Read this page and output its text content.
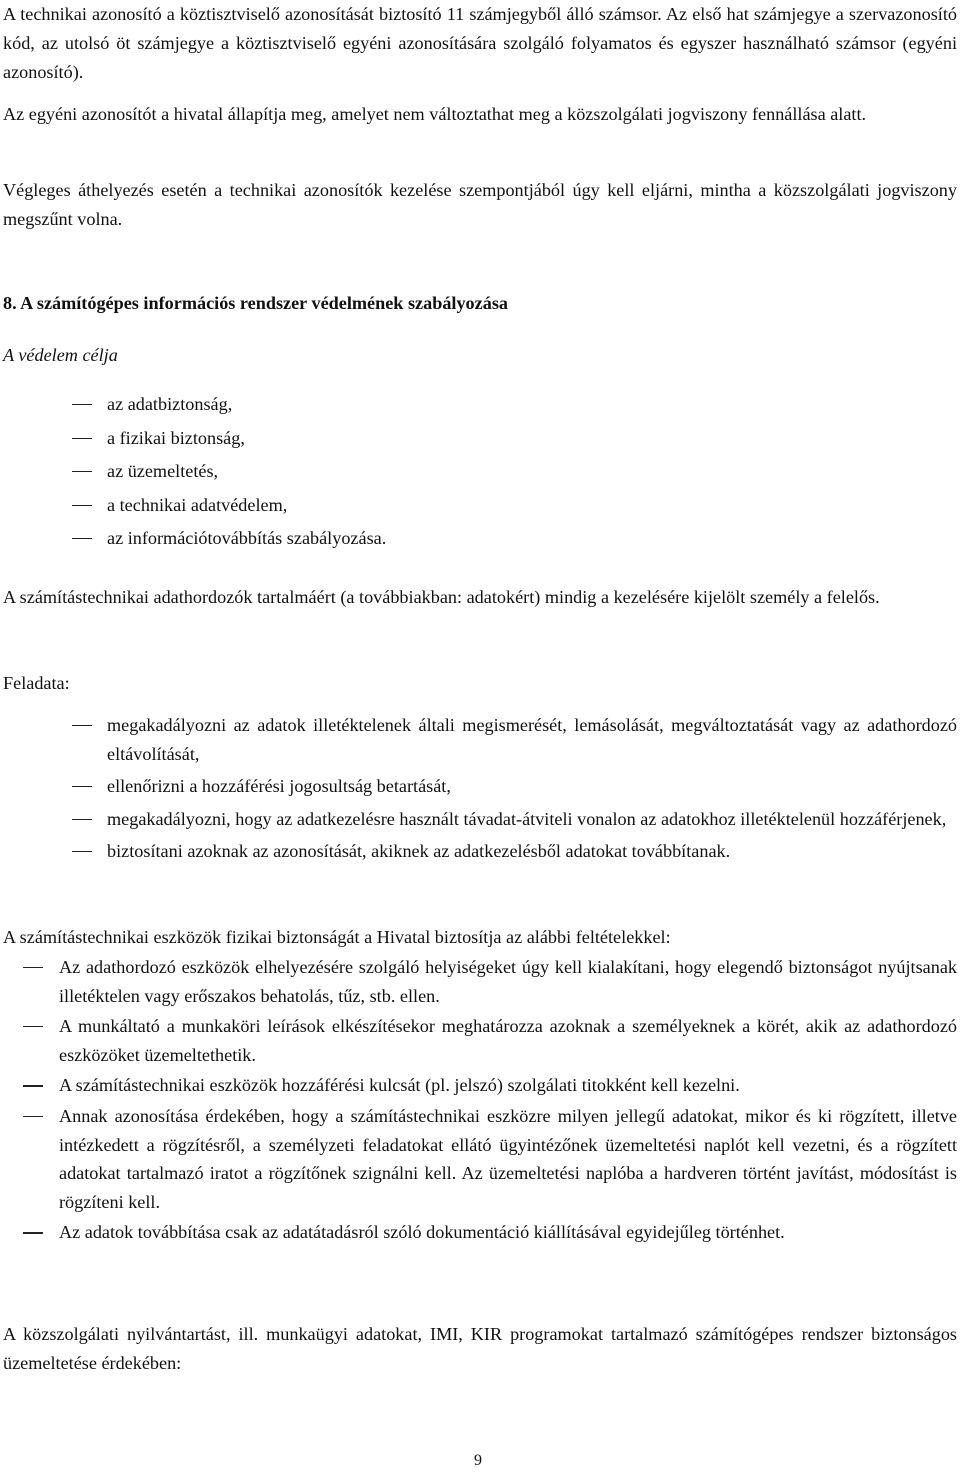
A technikai azonosító a köztisztviselő azonosítását biztosító 11 számjegyből álló számsor. Az első hat számjegye a szervazonosító kód, az utolsó öt számjegye a köztisztviselő egyéni azonosítására szolgáló folyamatos és egyszer használható számsor (egyéni azonosító).

Az egyéni azonosítót a hivatal állapítja meg, amelyet nem változtathat meg a közszolgálati jogviszony fennállása alatt.

Végleges áthelyezés esetén a technikai azonosítók kezelése szempontjából úgy kell eljárni, mintha a közszolgálati jogviszony megszűnt volna.

8. A számítógépes információs rendszer védelmének szabályozása
A védelem célja
az adatbiztonság,
a fizikai biztonság,
az üzemeltetés,
a technikai adatvédelem,
az információtovábbítás szabályozása.

A számítástechnikai adathordozók tartalmáért (a továbbiakban: adatokért) mindig a kezelésére kijelölt személy a felelős.

Feladata:
megakadályozni az adatok illetéktelenek általi megismerését, lemásolását, megváltoztatását vagy az adathordozó eltávolítását,
ellenőrizni a hozzáférési jogosultság betartását,
megakadályozni, hogy az adatkezelésre használt távadat-átviteli vonalon az adatokhoz illetéktelenül hozzáférjenek,
biztosítani azoknak az azonosítását, akiknek az adatkezelésből adatokat továbbítanak.

A számítástechnikai eszközök fizikai biztonságát a Hivatal biztosítja az alábbi feltételekkel:

Az adathordozó eszközök elhelyezésére szolgáló helyiségeket úgy kell kialakítani, hogy elegendő biztonságot nyújtsanak illetéktelen vagy erőszakos behatolás, tűz, stb. ellen.
A munkáltató a munkaköri leírások elkészítésekor meghatározza azoknak a személyeknek a körét, akik az adathordozó eszközöket üzemeltethetik.
A számítástechnikai eszközök hozzáférési kulcsát (pl. jelszó) szolgálati titokként kell kezelni.
Annak azonosítása érdekében, hogy a számítástechnikai eszközre milyen jellegű adatokat, mikor és ki rögzített, illetve intézkedett a rögzítésről, a személyzeti feladatokat ellátó ügyintézőnek üzemeltetési naplót kell vezetni, és a rögzített adatokat tartalmazó iratot a rögzítőnek szignálni kell. Az üzemeltetési naplóba a hardveren történt javítást, módosítást is rögzíteni kell.
Az adatok továbbítása csak az adatátadásról szóló dokumentáció kiállításával egyidejűleg történhet.

A közszolgálati nyilvántartást, ill. munkaügyi adatokat, IMI, KIR programokat tartalmazó számítógépes rendszer biztonságos üzemeltetése érdekében:

9
